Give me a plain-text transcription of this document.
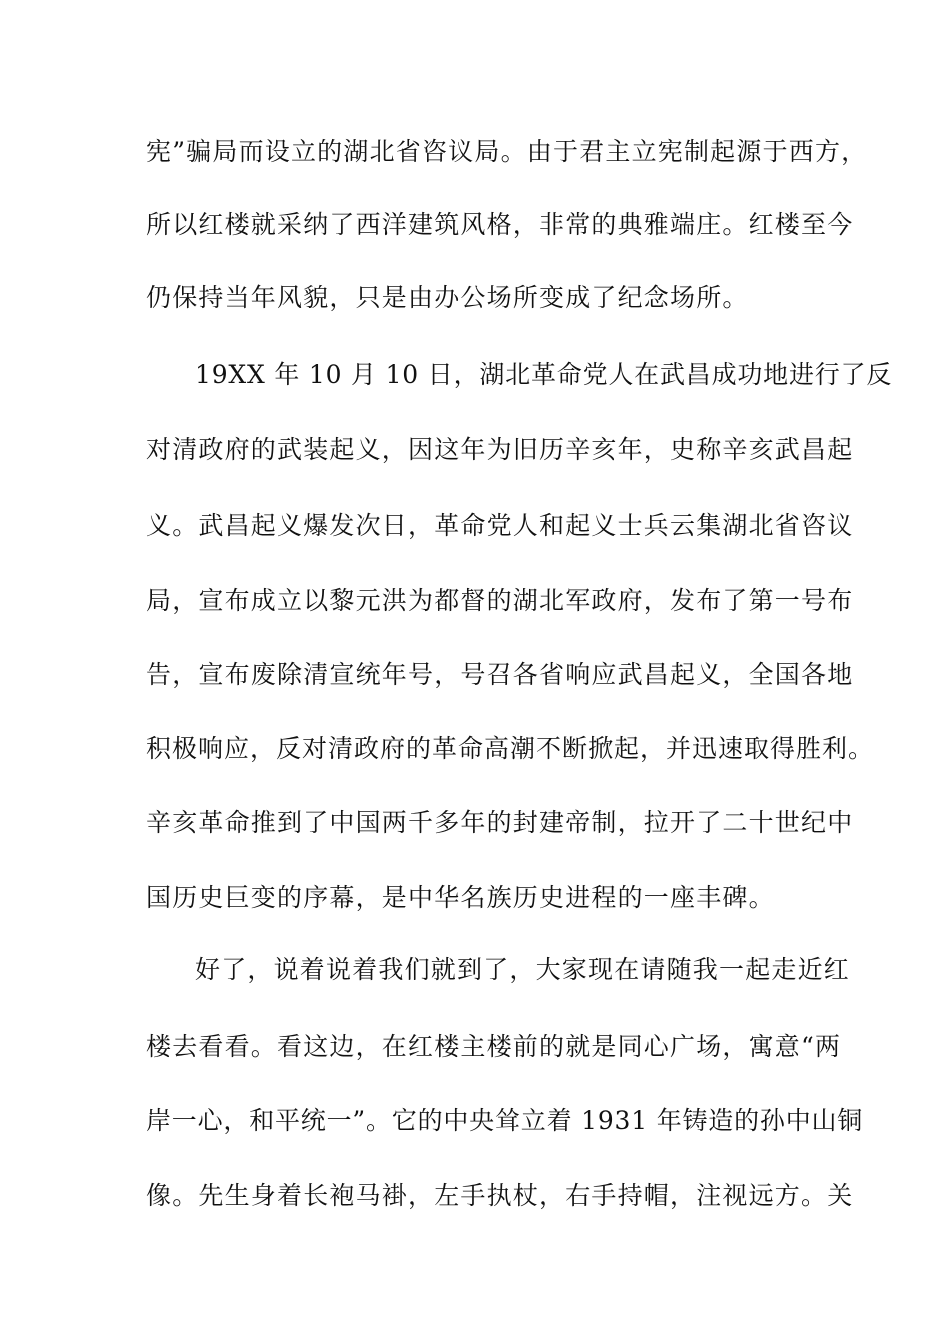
宪”骗局而设立的湖北省咨议局。由于君主立宪制起源于西方，
所以红楼就采纳了西洋建筑风格，非常的典雅端庄。红楼至今
仍保持当年风貌，只是由办公场所变成了纪念场所。
19XX 年 10 月 10 日，湖北革命党人在武昌成功地进行了反
对清政府的武装起义，因这年为旧历辛亥年，史称辛亥武昌起
义。武昌起义爆发次日，革命党人和起义士兵云集湖北省咨议
局，宣布成立以黎元洪为都督的湖北军政府，发布了第一号布
告，宣布废除清宣统年号，号召各省响应武昌起义，全国各地
积极响应，反对清政府的革命高潮不断掀起，并迅速取得胜利。
辛亥革命推到了中国两千多年的封建帝制，拉开了二十世纪中
国历史巨变的序幕，是中华名族历史进程的一座丰碑。
好了，说着说着我们就到了，大家现在请随我一起走近红
楼去看看。看这边，在红楼主楼前的就是同心广场，寓意“两
岸一心，和平统一”。它的中央耸立着 1931 年铸造的孙中山铜
像。先生身着长袍马褂，左手执杖，右手持帽，注视远方。关
